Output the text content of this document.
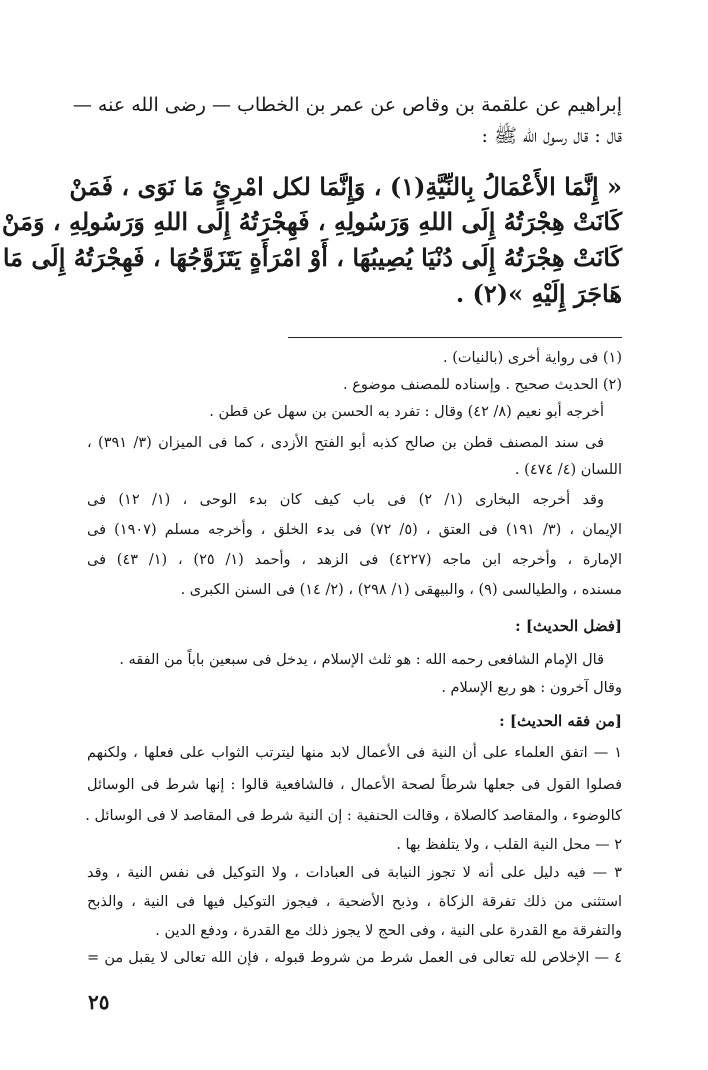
إبراهيم عن علقمة بن وقاص عن عمر بن الخطاب — رضى الله عنه —
قال : قال رسول الله ﷺ :
« إِنَّمَا الأَعْمَالُ بِالنِّيَّةِ(١) ، وَإِنَّمَا لكل امْرِئٍ مَا نَوَى ، فَمَنْ
كَانَتْ هِجْرَتُهُ إِلَى اللهِ وَرَسُولِهِ ، فَهِجْرَتُهُ إِلَى اللهِ وَرَسُولِهِ ، وَمَنْ
كَانَتْ هِجْرَتُهُ إِلَى دُنْيَا يُصِيبُهَا ، أَوْ امْرَأَةٍ يَتَزَوَّجُهَا ، فَهِجْرَتُهُ إِلَى مَا
هَاجَرَ إِلَيْهِ »(٢) .
(١) فى رواية أخرى (بالنيات) .
(٢) الحديث صحيح . وإسناده للمصنف موضوع .
أخرجه أبو نعيم (٨/ ٤٢) وقال : تفرد به الحسن بن سهل عن قطن .
فى سند المصنف قطن بن صالح كذبه أبو الفتح الأزدى ، كما فى الميزان (٣/ ٣٩١) ،
اللسان (٤/ ٤٧٤) .
وقد أخرجه البخارى (١/ ٢) فى باب كيف كان بدء الوحى ، (١/ ١٢) فى
الإيمان ، (٣/ ١٩١) فى العتق ، (٥/ ٧٢) فى بدء الخلق ، وأخرجه مسلم (١٩٠٧) فى
الإمارة ، وأخرجه ابن ماجه (٤٢٢٧) فى الزهد ، وأحمد (١/ ٢٥) ، (١/ ٤٣) فى
مسنده ، والطيالسى (٩) ، والبيهقى (١/ ٢٩٨) ، (٢/ ١٤) فى السنن الكبرى .
[فضل الحديث] :
قال الإمام الشافعى رحمه الله : هو ثلث الإسلام ، يدخل فى سبعين باباً من الفقه .
وقال آخرون : هو ربع الإسلام .
[من فقه الحديث] :
١ — اتفق العلماء على أن النية فى الأعمال لابد منها ليترتب الثواب على فعلها ، ولكنهم
فصلوا القول فى جعلها شرطاً لصحة الأعمال ، فالشافعية قالوا : إنها شرط فى الوسائل
كالوضوء ، والمقاصد كالصلاة ، وقالت الحنفية : إن النية شرط فى المقاصد لا فى الوسائل .
٢ — محل النية القلب ، ولا يتلفظ بها .
٣ — فيه دليل على أنه لا تجوز النيابة فى العبادات ، ولا التوكيل فى نفس النية ، وقد
استثنى من ذلك تفرقة الزكاة ، وذبح الأضحية ، فيجوز التوكيل فيها فى النية ، والذبح
والتفرقة مع القدرة على النية ، وفى الحج لا يجوز ذلك مع القدرة ، ودفع الدين .
٤ — الإخلاص لله تعالى فى العمل شرط من شروط قبوله ، فإن الله تعالى لا يقبل من =
٢٥
